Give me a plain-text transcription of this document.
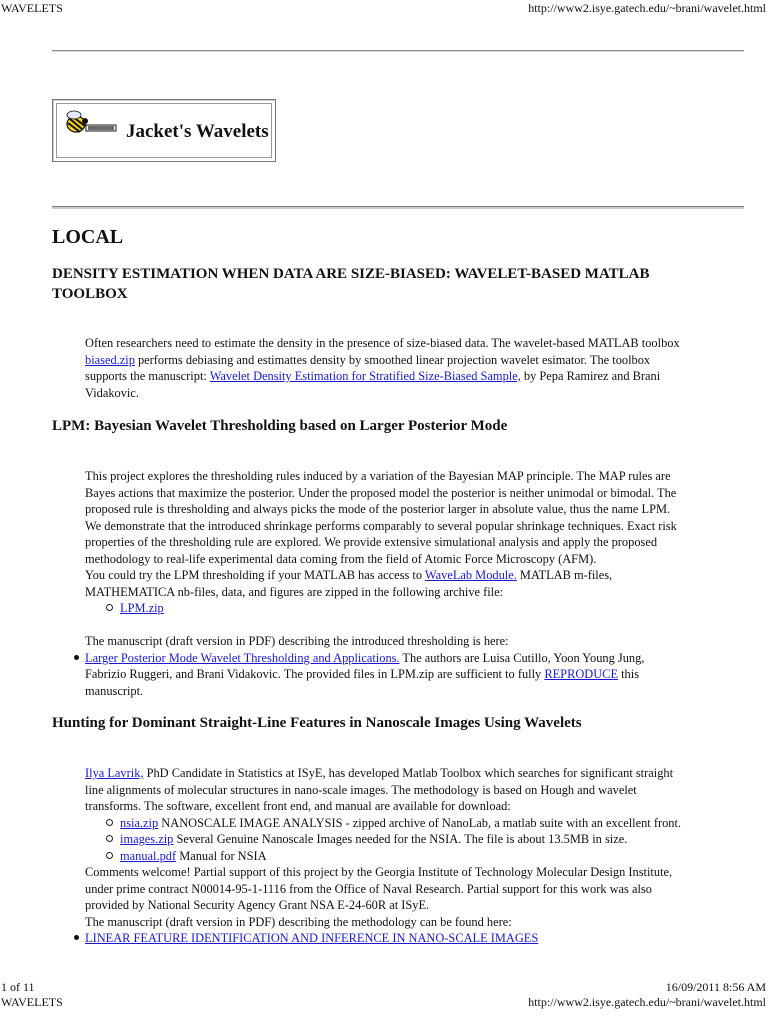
WAVELETS	http://www2.isye.gatech.edu/~brani/wavelet.html
Jacket's Wavelets
LOCAL
DENSITY ESTIMATION WHEN DATA ARE SIZE-BIASED: WAVELET-BASED MATLAB
TOOLBOX
Often researchers need to estimate the density in the presence of size-biased data. The wavelet-based MATLAB toolbox
biased.zip performs debiasing and estimattes density by smoothed linear projection wavelet esimator. The toolbox
supports the manuscript: Wavelet Density Estimation for Stratified Size-Biased Sample, by Pepa Ramirez and Brani
Vidakovic.
LPM: Bayesian Wavelet Thresholding based on Larger Posterior Mode
This project explores the thresholding rules induced by a variation of the Bayesian MAP principle. The MAP rules are
Bayes actions that maximize the posterior. Under the proposed model the posterior is neither unimodal or bimodal. The
proposed rule is thresholding and always picks the mode of the posterior larger in absolute value, thus the name LPM.
We demonstrate that the introduced shrinkage performs comparably to several popular shrinkage techniques. Exact risk
properties of the thresholding rule are explored. We provide extensive simulational analysis and apply the proposed
methodology to real-life experimental data coming from the field of Atomic Force Microscopy (AFM).
You could try the LPM thresholding if your MATLAB has access to WaveLab Module. MATLAB m-files,
MATHEMATICA nb-files, data, and figures are zipped in the following archive file:
LPM.zip
The manuscript (draft version in PDF) describing the introduced thresholding is here:
Larger Posterior Mode Wavelet Thresholding and Applications. The authors are Luisa Cutillo, Yoon Young Jung,
Fabrizio Ruggeri, and Brani Vidakovic. The provided files in LPM.zip are sufficient to fully REPRODUCE this
manuscript.
Hunting for Dominant Straight-Line Features in Nanoscale Images Using Wavelets
Ilya Lavrik, PhD Candidate in Statistics at ISyE, has developed Matlab Toolbox which searches for significant straight
line alignments of molecular structures in nano-scale images. The methodology is based on Hough and wavelet
transforms. The software, excellent front end, and manual are available for download:
nsia.zip NANOSCALE IMAGE ANALYSIS - zipped archive of NanoLab, a matlab suite with an excellent front.
images.zip Several Genuine Nanoscale Images needed for the NSIA. The file is about 13.5MB in size.
manual.pdf Manual for NSIA
Comments welcome! Partial support of this project by the Georgia Institute of Technology Molecular Design Institute,
under prime contract N00014-95-1-1116 from the Office of Naval Research. Partial support for this work was also
provided by National Security Agency Grant NSA E-24-60R at ISyE.
The manuscript (draft version in PDF) describing the methodology can be found here:
LINEAR FEATURE IDENTIFICATION AND INFERENCE IN NANO-SCALE IMAGES
1 of 11	16/09/2011 8:56 AM
WAVELETS	http://www2.isye.gatech.edu/~brani/wavelet.html
